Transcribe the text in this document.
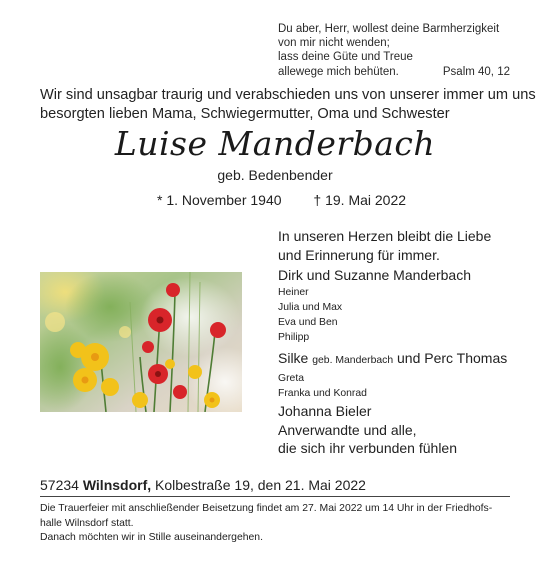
Du aber, Herr, wollest deine Barmherzigkeit
von mir nicht wenden;
lass deine Güte und Treue
allewege mich behüten.	Psalm 40, 12
Wir sind unsagbar traurig und verabschieden uns von unserer immer um uns
besorgten lieben Mama, Schwiegermutter, Oma und Schwester
Luise Manderbach
geb. Bedenbender
* 1. November 1940 † 19. Mai 2022
In unseren Herzen bleibt die Liebe
und Erinnerung für immer.
Dirk und Suzanne Manderbach
Heiner
Julia und Max
Eva und Ben
Philipp
Silke geb. Manderbach und Perc Thomas
Greta
Franka und Konrad
Johanna Bieler
Anverwandte und alle,
die sich ihr verbunden fühlen
57234 Wilnsdorf, Kolbestraße 19, den 21. Mai 2022
Die Trauerfeier mit anschließender Beisetzung findet am 27. Mai 2022 um 14 Uhr in der Friedhofs-
halle Wilnsdorf statt.
Danach möchten wir in Stille auseinandergehen.
